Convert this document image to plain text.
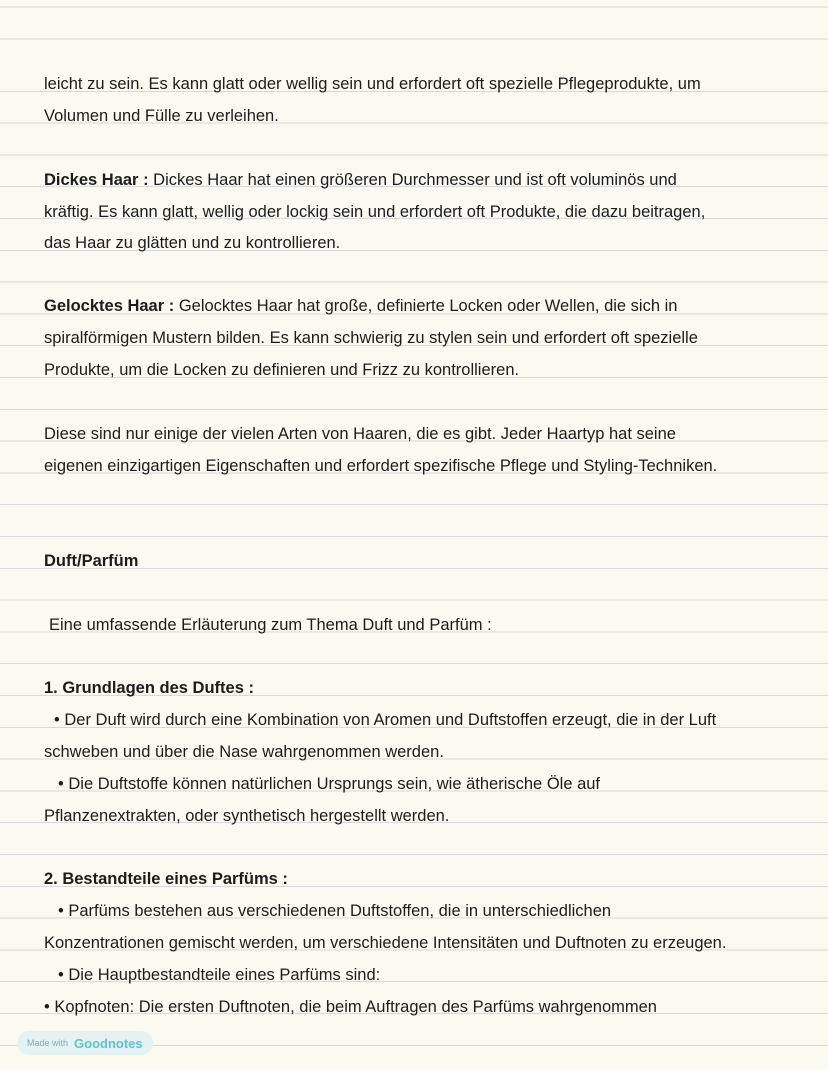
leicht zu sein. Es kann glatt oder wellig sein und erfordert oft spezielle Pflegeprodukte, um
Volumen und Fülle zu verleihen.
Dickes Haar : Dickes Haar hat einen größeren Durchmesser und ist oft voluminös und
kräftig. Es kann glatt, wellig oder lockig sein und erfordert oft Produkte, die dazu beitragen,
das Haar zu glätten und zu kontrollieren.
Gelocktes Haar : Gelocktes Haar hat große, definierte Locken oder Wellen, die sich in
spiralförmigen Mustern bilden. Es kann schwierig zu stylen sein und erfordert oft spezielle
Produkte, um die Locken zu definieren und Frizz zu kontrollieren.
Diese sind nur einige der vielen Arten von Haaren, die es gibt. Jeder Haartyp hat seine
eigenen einzigartigen Eigenschaften und erfordert spezifische Pflege und Styling-Techniken.
Duft/Parfüm
Eine umfassende Erläuterung zum Thema Duft und Parfüm :
1. Grundlagen des Duftes :
• Der Duft wird durch eine Kombination von Aromen und Duftstoffen erzeugt, die in der Luft
schweben und über die Nase wahrgenommen werden.
• Die Duftstoffe können natürlichen Ursprungs sein, wie ätherische Öle auf
Pflanzenextrakten, oder synthetisch hergestellt werden.
2. Bestandteile eines Parfüms :
• Parfüms bestehen aus verschiedenen Duftstoffen, die in unterschiedlichen
Konzentrationen gemischt werden, um verschiedene Intensitäten und Duftnoten zu erzeugen.
• Die Hauptbestandteile eines Parfüms sind:
• Kopfnoten: Die ersten Duftnoten, die beim Auftragen des Parfüms wahrgenommen
Made with Goodnotes
